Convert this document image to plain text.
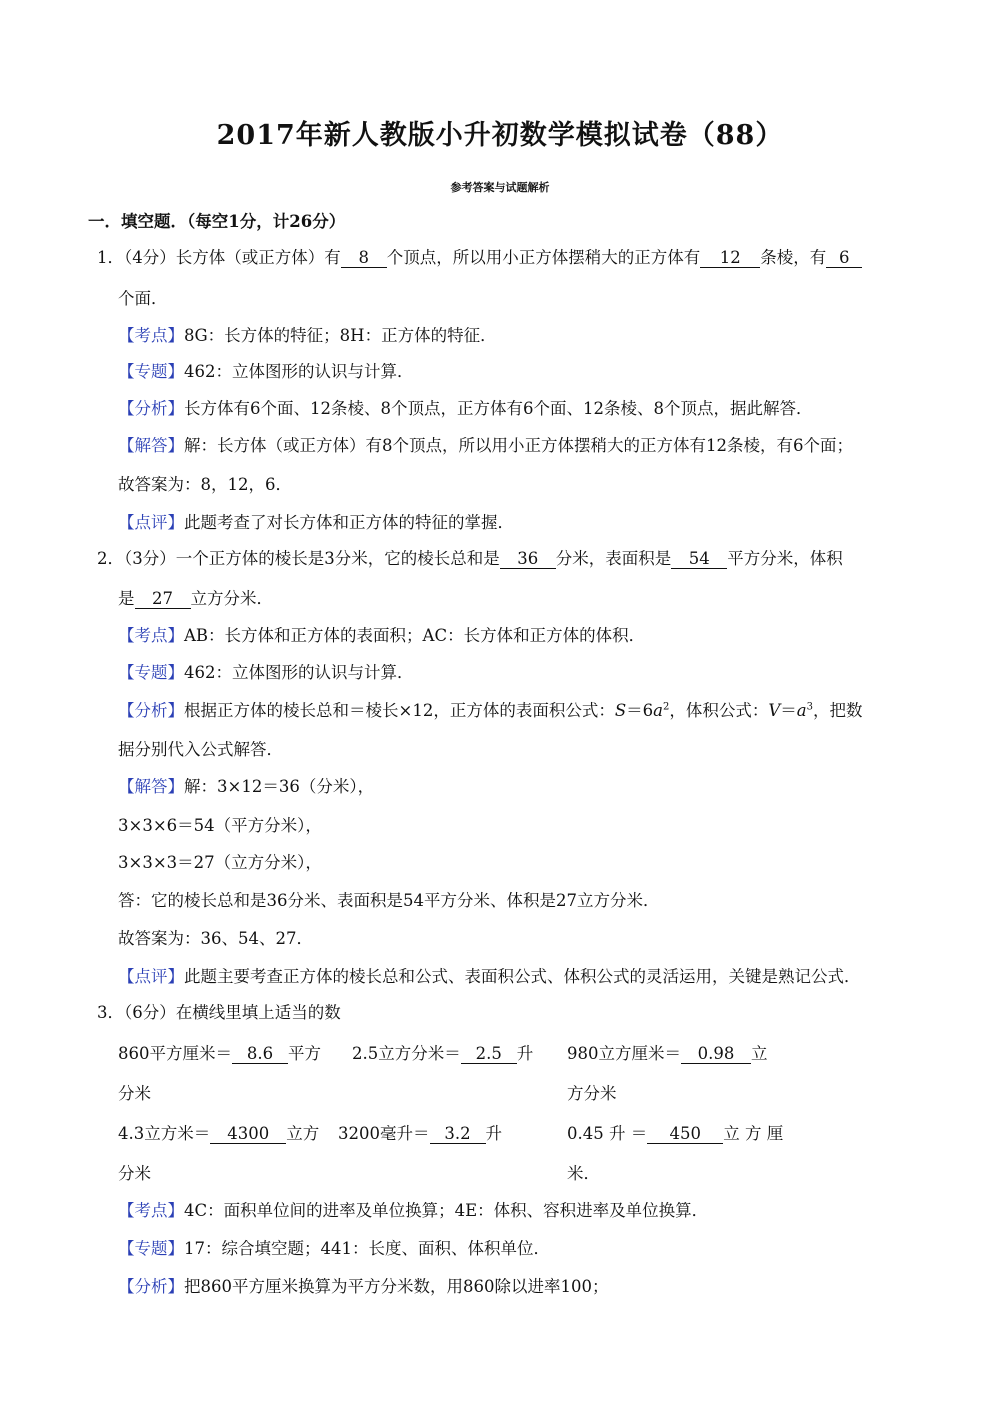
2017年新人教版小升初数学模拟试卷（88）
参考答案与试题解析
一．填空题．（每空1分，计26分）
1．（4分）长方体（或正方体）有 8 个顶点，所以用小正方体摆稍大的正方体有 12 条棱，有 6
个面．
【考点】8G：长方体的特征；8H：正方体的特征．
【专题】462：立体图形的认识与计算．
【分析】长方体有6个面、12条棱、8个顶点，正方体有6个面、12条棱、8个顶点，据此解答．
【解答】解：长方体（或正方体）有8个顶点，所以用小正方体摆稍大的正方体有12条棱，有6个面；
故答案为：8，12，6．
【点评】此题考查了对长方体和正方体的特征的掌握．
2．（3分）一个正方体的棱长是3分米，它的棱长总和是 36 分米，表面积是 54 平方分米，体积
是 27 立方分米．
【考点】AB：长方体和正方体的表面积；AC：长方体和正方体的体积．
【专题】462：立体图形的认识与计算．
【分析】根据正方体的棱长总和＝棱长×12，正方体的表面积公式：$S=6a^2$，体积公式：$V=a^3$，把数
据分别代入公式解答．
【解答】解：3×12＝36（分米），
3×3×6＝54（平方分米），
3×3×3＝27（立方分米），
答：它的棱长总和是36分米、表面积是54平方分米、体积是27立方分米．
故答案为：36、54、27．
【点评】此题主要考查正方体的棱长总和公式、表面积公式、体积公式的灵活运用，关键是熟记公式．
3．（6分）在横线里填上适当的数
860平方厘米＝ 8.6 平方 2.5立方分米＝ 2.5 升 980立方厘米＝ 0.98 立
分米	方分米
4.3立方米＝ 4300 立方 3200毫升＝ 3.2 升	0.45 升 ＝ 450 立 方 厘
分米	米．
【考点】4C：面积单位间的进率及单位换算；4E：体积、容积进率及单位换算．
【专题】17：综合填空题；441：长度、面积、体积单位．
【分析】把860平方厘米换算为平方分米数，用860除以进率100；
